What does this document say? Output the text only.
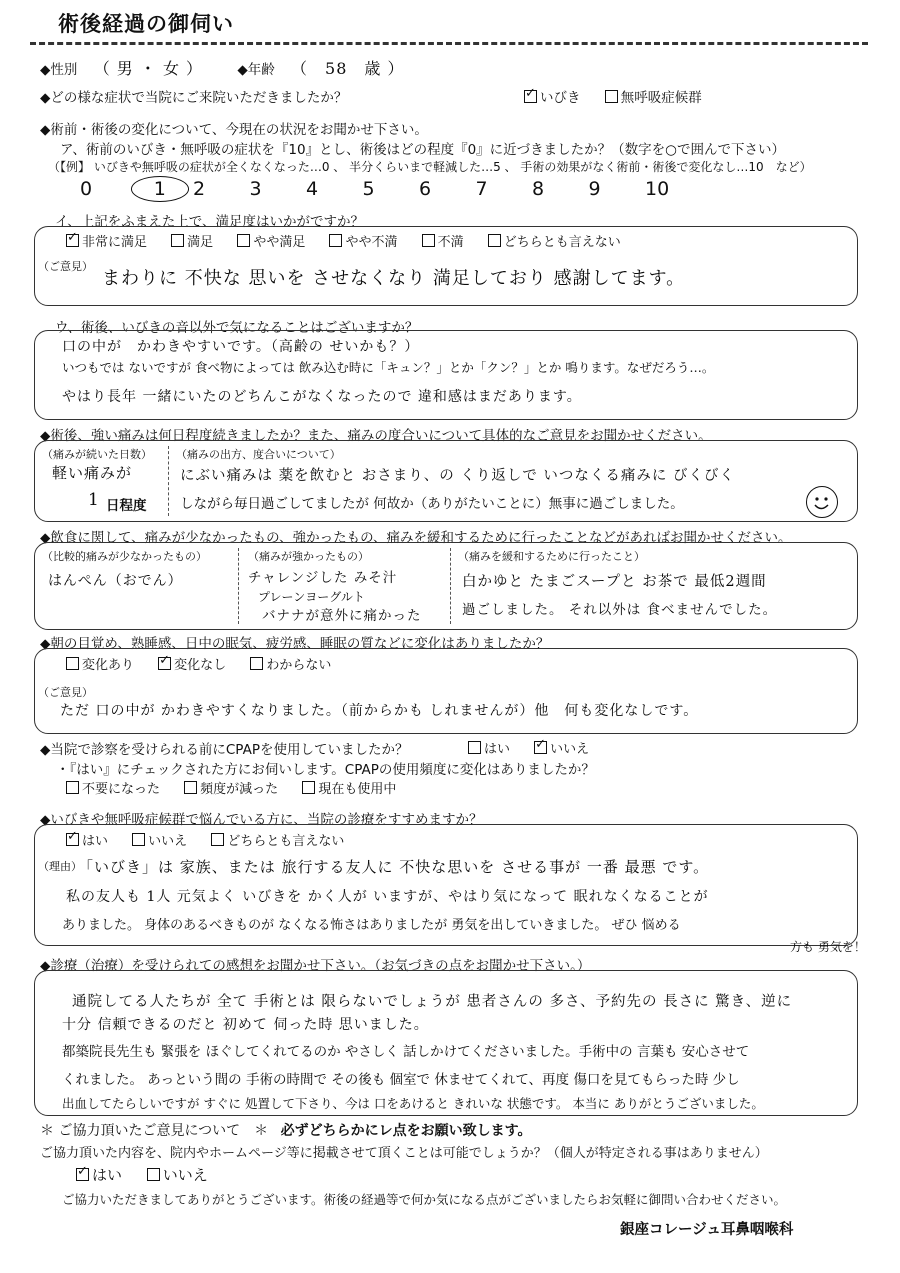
術後経過の御伺い
◆性別 （ 男 ・ 女 ）	◆年齢 （　58　歳 ）
◆どの様な症状で当院にご来院いただきましたか？ ✓	いびき	無呼吸症候群
◆術前・術後の変化について、今現在の状況をお聞かせ下さい。
ア、術前のいびき・無呼吸の症状を『10』とし、術後はどの程度『0』に近づきましたか？（数字を○で囲んで下さい）
（【例】 いびきや無呼吸の症状が全くなくなった…0 、 半分くらいまで軽減した…5 、 手術の効果がなく術前・術後で変化なし…10　など）
0	1 2 3 4 5 6 7 8 9 10
イ、上記をふまえた上で、満足度はいかがですか？
✓非常に満足	満足	やや満足	やや不満	不満	どちらとも言えない
（ご意見）
まわりに 不快な 思いを させなくなり 満足しており 感謝してます。
ウ、術後、いびきの音以外で気になることはございますか？
口の中が　かわきやすいです。（高齢の せいかも？）
いつもでは ないですが 食べ物によっては 飲み込む時に「キュン？」とか「クン？」とか 鳴ります。なぜだろう…。
やはり長年 一緒にいたのどちんこがなくなったので 違和感はまだあります。
◆術後、強い痛みは何日程度続きましたか？また、痛みの度合いについて具体的なご意見をお聞かせください。
（痛みが続いた日数）
軽い痛みが
1 日程度
（痛みの出方、度合いについて）
にぶい痛みは 薬を飲むと おさまり、の くり返しで いつなくる痛みに びくびく
しながら毎日過ごしてましたが 何故か（ありがたいことに）無事に過ごしました。
◆飲食に関して、痛みが少なかったもの、強かったもの、痛みを緩和するために行ったことなどがあればお聞かせください。
（比較的痛みが少なかったもの）
はんぺん（おでん）
（痛みが強かったもの）
チャレンジした みそ汁
プレーンヨーグルト
バナナが意外に痛かった
（痛みを緩和するために行ったこと）
白かゆと たまごスープと お茶で 最低2週間
過ごしました。 それ以外は 食べませんでした。
◆朝の目覚め、熟睡感、日中の眠気、疲労感、睡眠の質などに変化はありましたか？
変化あり ✓	変化なし	わからない
（ご意見）
ただ 口の中が かわきやすくなりました。（前からかも しれませんが）他　何も変化なしです。
◆当院で診察を受けられる前にCPAPを使用していましたか？	はい ✓	いいえ
・『はい』にチェックされた方にお伺いします。CPAPの使用頻度に変化はありましたか？
不要になった	頻度が減った	現在も使用中
◆いびきや無呼吸症候群で悩んでいる方に、当院の診療をすすめますか？
✓はい	いいえ	どちらとも言えない
（理由）
「いびき」は 家族、または 旅行する友人に 不快な思いを させる事が 一番 最悪 です。
私の友人も 1人 元気よく いびきを かく人が いますが、やはり気になって 眠れなくなることが
ありました。 身体のあるべきものが なくなる怖さはありましたが 勇気を出していきました。 ぜひ 悩める
方も 勇気を！
◆診療（治療）を受けられての感想をお聞かせ下さい。（お気づきの点をお聞かせ下さい。）
通院してる人たちが 全て 手術とは 限らないでしょうが 患者さんの 多さ、予約先の 長さに 驚き、逆に
十分 信頼できるのだと 初めて 伺った時 思いました。
都築院長先生も 緊張を ほぐしてくれてるのか やさしく 話しかけてくださいました。手術中の 言葉も 安心させて
くれました。 あっという間の 手術の時間で その後も 個室で 休ませてくれて、再度 傷口を見てもらった時 少し
出血してたらしいですが すぐに 処置して下さり、今は 口をあけると きれいな 状態です。 本当に ありがとうございました。
＊ ご協力頂いたご意見について　＊ 必ずどちらかにレ点をお願い致します。
ご協力頂いた内容を、院内やホームページ等に掲載させて頂くことは可能でしょうか？（個人が特定される事はありません）
✓はい	いいえ
ご協力いただきましてありがとうございます。術後の経過等で何か気になる点がございましたらお気軽に御問い合わせください。
銀座コレージュ耳鼻咽喉科
